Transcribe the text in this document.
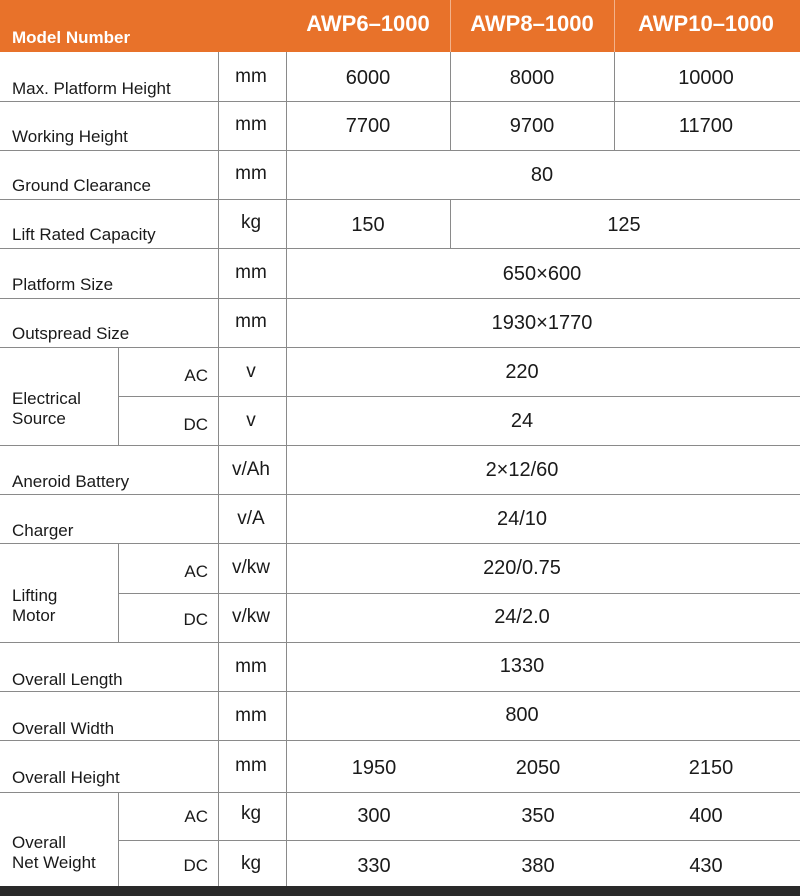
Model Number
AWP6–1000	AWP8–1000	AWP10–1000
Max. Platform Height
mm	6000	8000	10000
Working Height
mm	7700	9700	11700
Ground Clearance
mm	80
Lift Rated Capacity
kg	150	125
Platform Size
mm	650×600
Outspread Size
mm	1930×1770
Electrical
Source
AC	v	220
DC	v	24
Aneroid Battery
v/Ah	2×12/60
Charger
v/A	24/10
Lifting
Motor
AC	v/kw	220/0.75
DC	v/kw	24/2.0
Overall Length
mm	1330
Overall Width
mm	800
Overall Height
mm	1950	2050	2150
Overall
Net Weight
AC	kg	300	350	400
DC	kg	330	380	430
